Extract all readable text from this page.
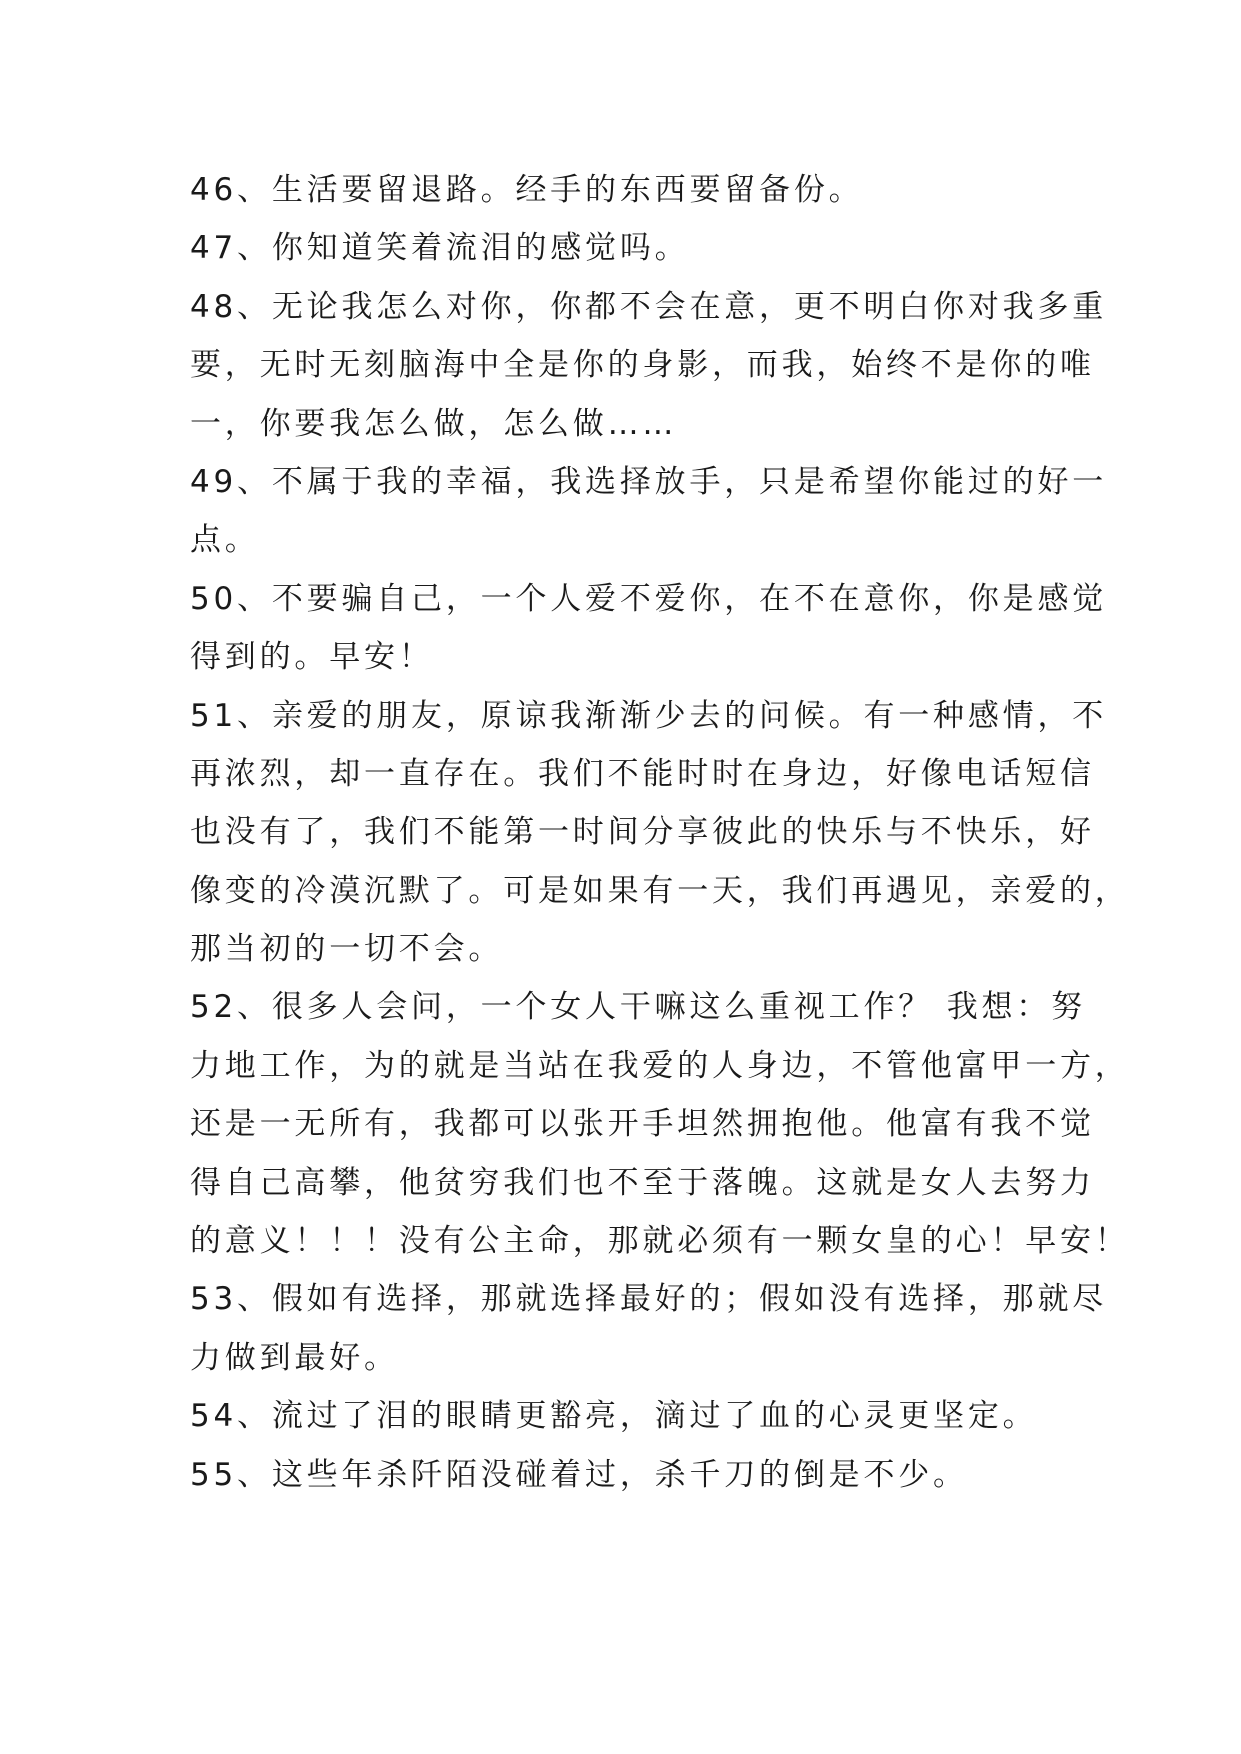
46、生活要留退路。经手的东西要留备份。
47、你知道笑着流泪的感觉吗。
48、无论我怎么对你，你都不会在意，更不明白你对我多重
要，无时无刻脑海中全是你的身影，而我，始终不是你的唯
一，你要我怎么做，怎么做……
49、不属于我的幸福，我选择放手，只是希望你能过的好一
点。
50、不要骗自己，一个人爱不爱你，在不在意你，你是感觉
得到的。早安！
51、亲爱的朋友，原谅我渐渐少去的问候。有一种感情，不
再浓烈，却一直存在。我们不能时时在身边，好像电话短信
也没有了，我们不能第一时间分享彼此的快乐与不快乐，好
像变的冷漠沉默了。可是如果有一天，我们再遇见，亲爱的，
那当初的一切不会。
52、很多人会问，一个女人干嘛这么重视工作？ 我想：努
力地工作，为的就是当站在我爱的人身边，不管他富甲一方，
还是一无所有，我都可以张开手坦然拥抱他。他富有我不觉
得自己高攀，他贫穷我们也不至于落魄。这就是女人去努力
的意义！！！没有公主命，那就必须有一颗女皇的心！早安！
53、假如有选择，那就选择最好的；假如没有选择，那就尽
力做到最好。
54、流过了泪的眼睛更豁亮，滴过了血的心灵更坚定。
55、这些年杀阡陌没碰着过，杀千刀的倒是不少。
